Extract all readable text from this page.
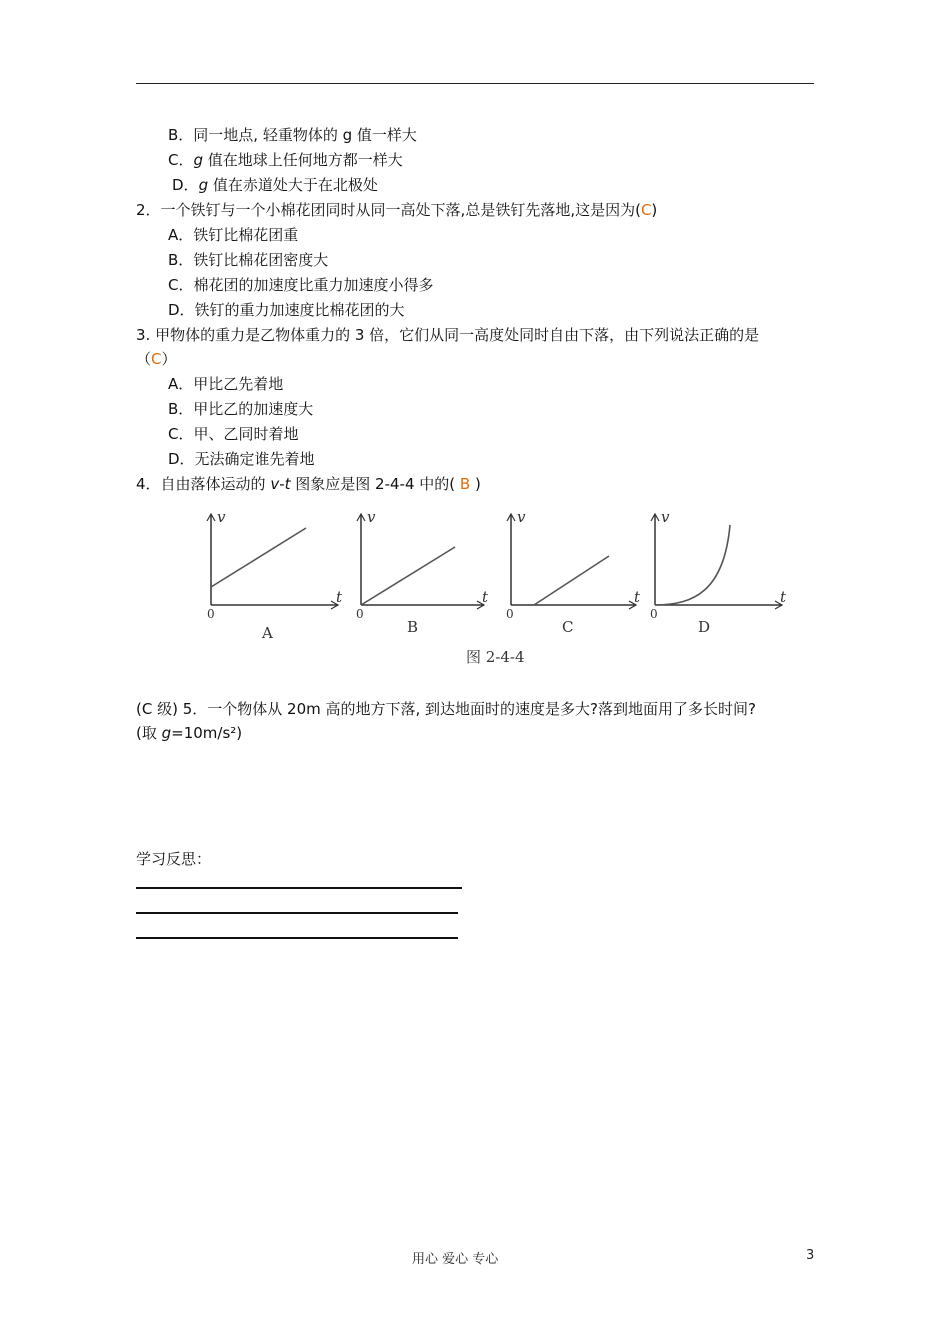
B．同一地点, 轻重物体的 g 值一样大
C．g 值在地球上任何地方都一样大
D．g 值在赤道处大于在北极处
2．一个铁钉与一个小棉花团同时从同一高处下落,总是铁钉先落地,这是因为(C)
A．铁钉比棉花团重
B．铁钉比棉花团密度大
C．棉花团的加速度比重力加速度小得多
D．铁钉的重力加速度比棉花团的大
3. 甲物体的重力是乙物体重力的 3 倍，它们从同一高度处同时自由下落，由下列说法正确的是
（C）
A．甲比乙先着地
B．甲比乙的加速度大
C．甲、乙同时着地
D．无法确定谁先着地
4．自由落体运动的 v-t 图象应是图 2-4-4 中的( B )
v
t
0
A
v
t
0
B
v
t
0
C
v
t
0
D
图 2-4-4
(C 级) 5．一个物体从 20m 高的地方下落, 到达地面时的速度是多大?落到地面用了多长时间?
(取 g=10m/s²)
学习反思：
用心 爱心 专心	3
